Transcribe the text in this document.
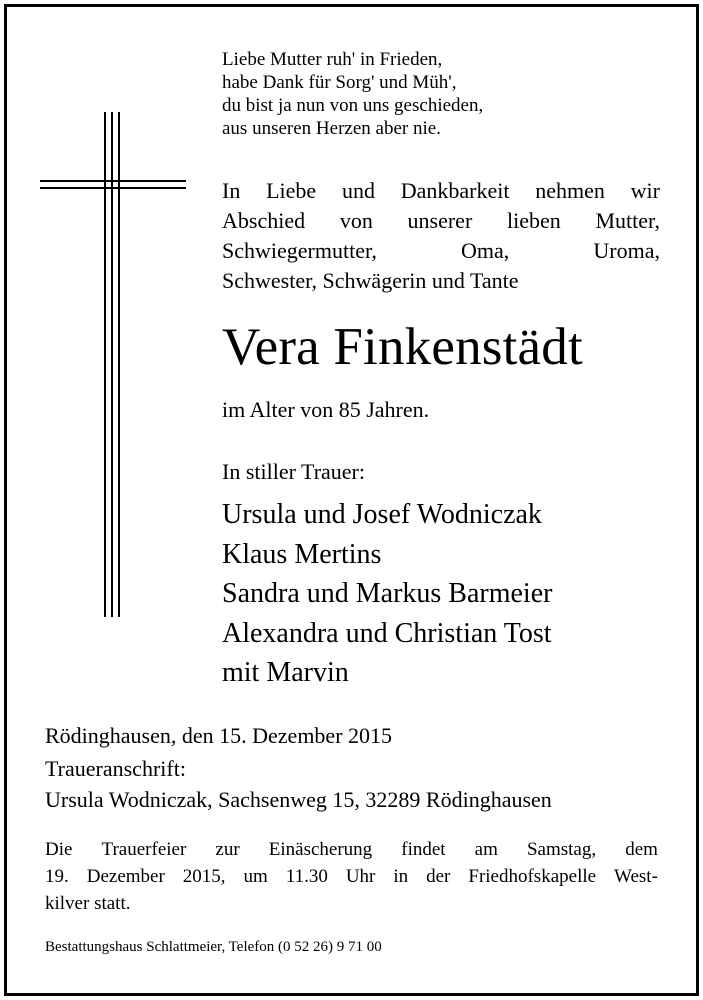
Liebe Mutter ruh' in Frieden,
habe Dank für Sorg' und Müh',
du bist ja nun von uns geschieden,
aus unseren Herzen aber nie.
In Liebe und Dankbarkeit nehmen wir
Abschied von unserer lieben Mutter,
Schwiegermutter,	Oma,	Uroma,
Schwester, Schwägerin und Tante
Vera Finkenstädt
im Alter von 85 Jahren.
In stiller Trauer:
Ursula und Josef Wodniczak
Klaus Mertins
Sandra und Markus Barmeier
Alexandra und Christian Tost
mit Marvin
Rödinghausen, den 15. Dezember 2015
Traueranschrift:
Ursula Wodniczak, Sachsenweg 15, 32289 Rödinghausen
Die Trauerfeier zur Einäscherung findet am Samstag, dem
19. Dezember 2015, um 11.30 Uhr in der Friedhofskapelle West-
kilver statt.
Bestattungshaus Schlattmeier, Telefon (0 52 26) 9 71 00
